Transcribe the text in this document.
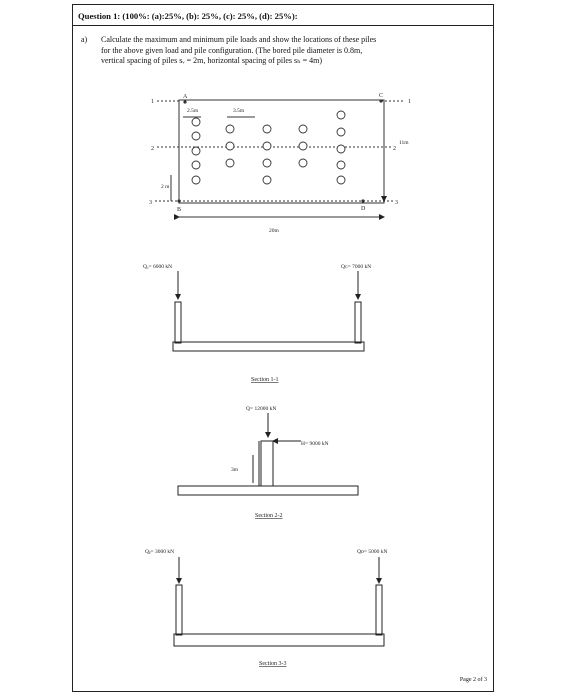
Question 1: (100%: (a):25%, (b): 25%, (c): 25%, (d): 25%):
a) Calculate the maximum and minimum pile loads and show the locations of these piles
for the above given load and pile configuration. (The bored pile diameter is 0.8m,
vertical spacing of piles sᵥ = 2m, horizontal spacing of piles sₕ = 4m)
1	1
2	2
3	3
A
B
C
D
2.5m	3.5m
2 m
11m
20m
Qₐ= 6000 kN	Qᴄ= 7000 kN
Section 1-1
Q= 12000 kN
H= 9000 kN
3m
Section 2-2
Qᵦ= 3000 kN	Qᴅ= 5000 kN
Section 3-3
Page 2 of 3
